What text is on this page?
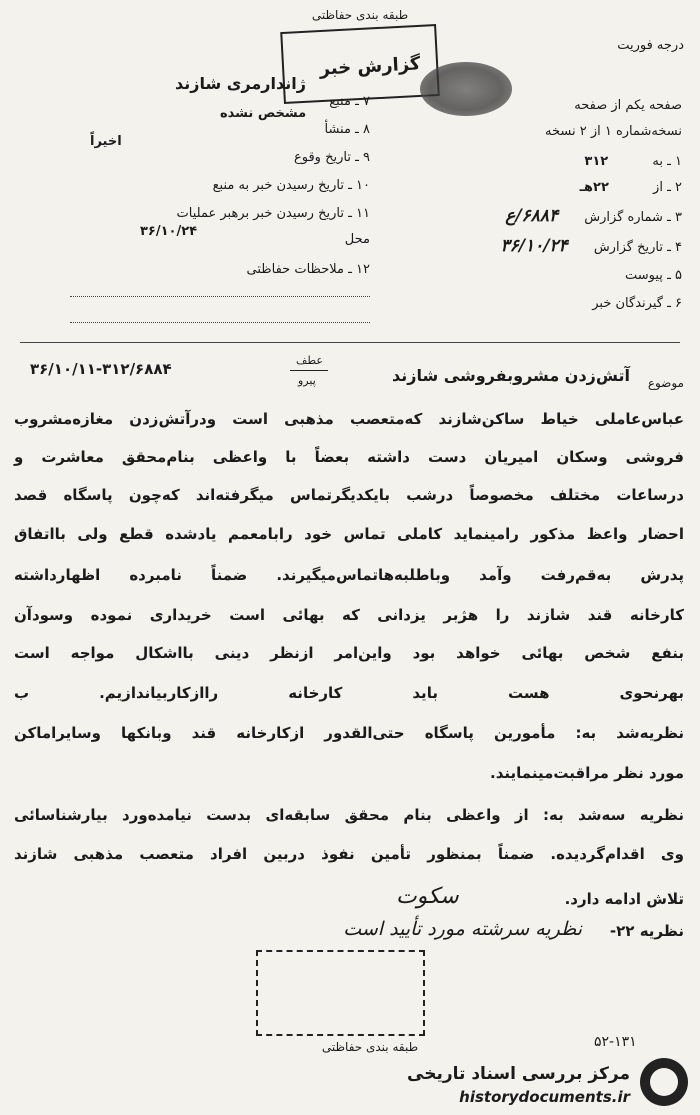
طبقه بندی حفاظتی
گزارش خبر
درجه فوریت
صفحه یکم از صفحه
نسخه‌شماره ۱ از ۲ نسخه
۱ ـ به ۳۱۲
۲ ـ از ۲۲هـ
۳ ـ شماره گزارش ۶۸۸۴/ع
۴ ـ تاریخ گزارش ۳۶/۱۰/۲۴
۵ ـ پیوست
۶ ـ گیرندگان خبر
۷ ـ منبع
ژاندارمری شازند
۸ ـ منشأ
مشخص نشده
۹ ـ تاریخ وقوع
اخیراً
۱۰ ـ تاریخ رسیدن خبر به منبع
۱۱ ـ تاریخ رسیدن خبر برهبر عملیات
۳۶/۱۰/۲۴
محل
۱۲ ـ ملاحظات حفاظتی
موضوع
آتش‌زدن مشروبفروشی شازند
عطف
پیرو
۳۶/۱۰/۱۱-۳۱۲/۶۸۸۴
عباس‌عاملی خیاط ساکن‌شازند که‌متعصب مذهبی است ودرآتش‌زدن مغازه‌مشروب
فروشی وسکان امیریان دست داشته بعضاً با واعظی بنام‌محقق معاشرت و
درساعات مختلف مخصوصاً درشب بایکدیگرتماس میگرفته‌اند که‌چون پاسگاه قصد
احضار واعظ مذکور رامینماید کاملی تماس خود رابامعمم یادشده قطع ولی بااتفاق
پدرش به‌قم‌رفت وآمد وباطلبه‌هاتماس‌میگیرند. ضمناً نامبرده اظهارداشته
کارخانه قند شازند را هژبر یزدانی که بهائی است خریداری نموده وسودآن
بنفع شخص بهائی خواهد بود واین‌امر ازنظر دینی بااشکال مواجه است
بهرنحوی هست باید کارخانه راازکاربیاندازیم. ب
نظریه‌شد به: مأمورین پاسگاه حتی‌القدور ازکارخانه قند وبانکها وسایراماکن
مورد نظر مراقبت‌مینمایند.
نظریه سه‌شد به: از واعظی بنام محقق سابقه‌ای بدست نیامده‌ورد بیار‌شناسائی
وی اقدام‌گردیده. ضمناً بمنظور تأمین نفوذ دربین افراد متعصب مذهبی شازند
تلاش ادامه دارد.
سکوت
نظریه ۲۲-
نظریه سرشته مورد تأیید است
طبقه بندی حفاظتی	۵۲-۱۳۱
مرکز بررسی اسناد تاریخی
historydocuments.ir
